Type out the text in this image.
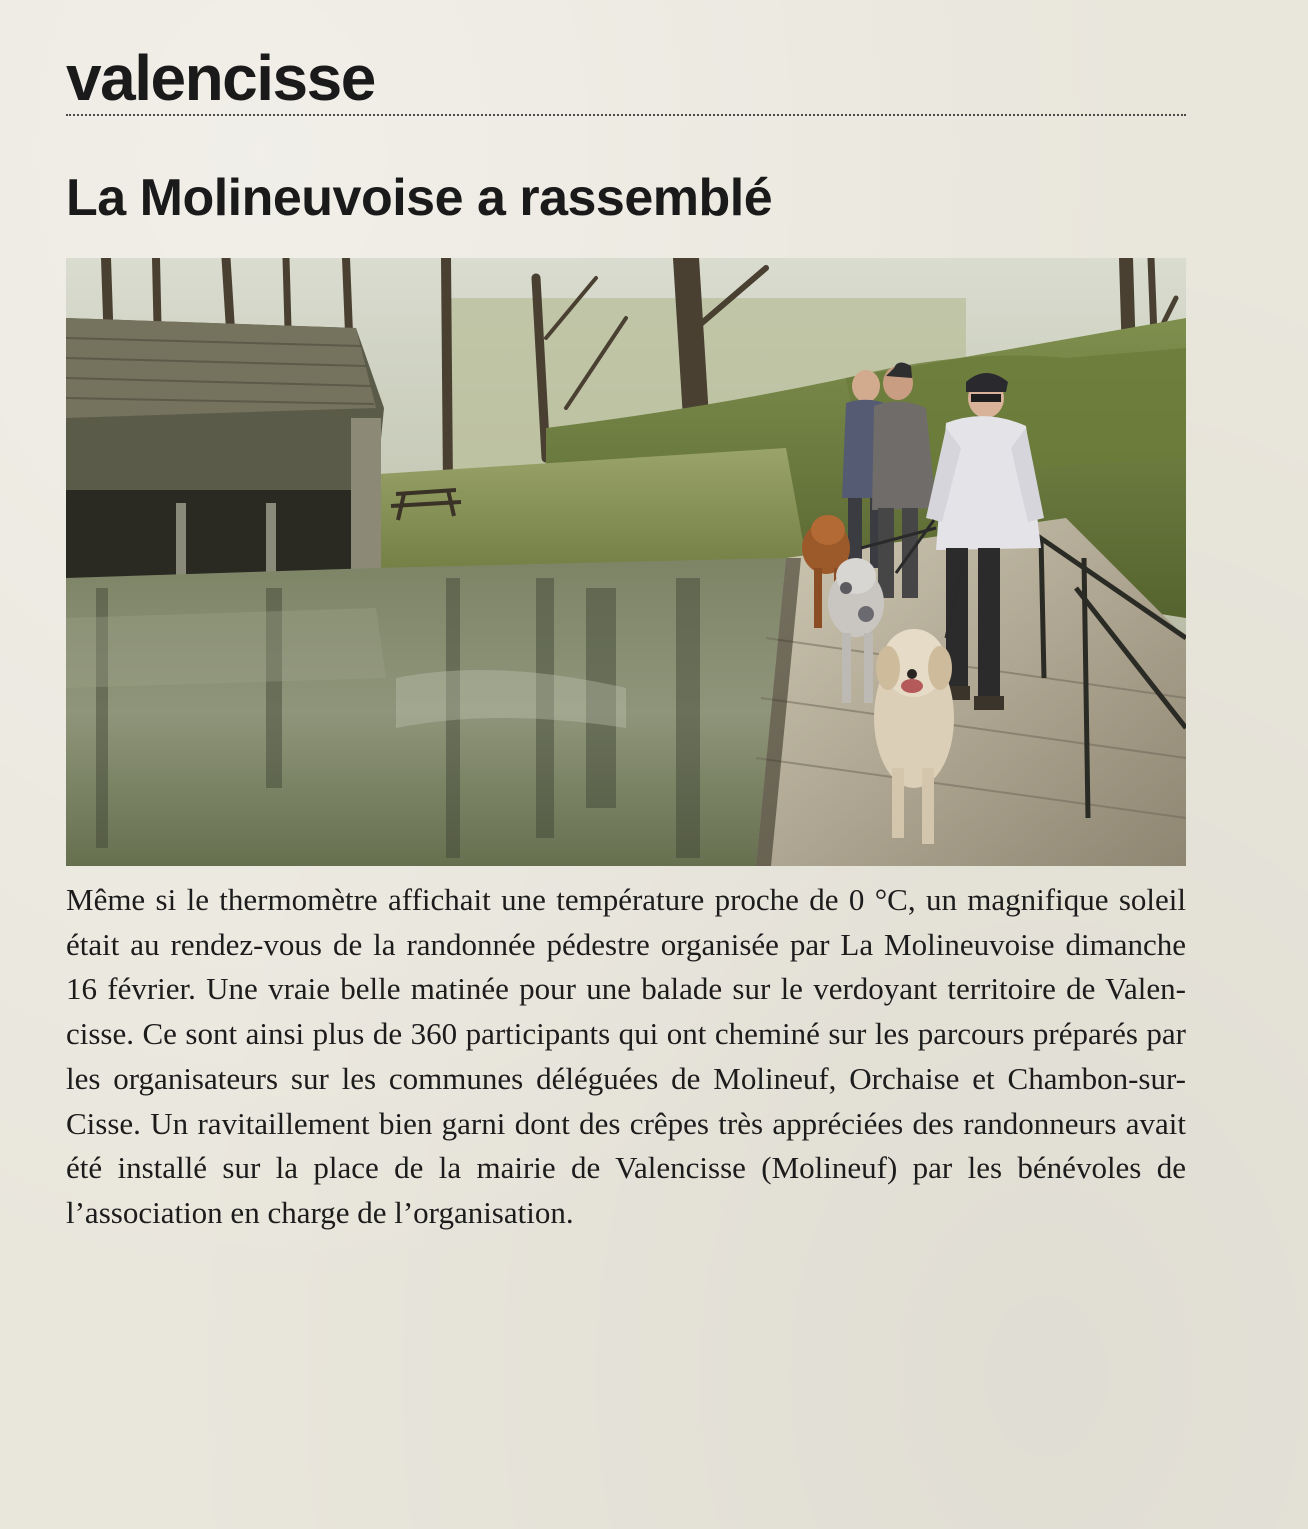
valencisse
La Molineuvoise a rassemblé

Même si le thermomètre affichait une température proche de 0 °C, un magnifique soleil était au rendez-vous de la randonnée pédestre organisée par La Molineuvoise dimanche 16 février. Une vraie belle matinée pour une balade sur le verdoyant territoire de Valencisse. Ce sont ainsi plus de 360 participants qui ont cheminé sur les parcours préparés par les organisateurs sur les communes déléguées de Molineuf, Orchaise et Chambon-sur-Cisse. Un ravitaillement bien garni dont des crêpes très appréciées des randonneurs avait été installé sur la place de la mairie de Valencisse (Molineuf) par les bénévoles de l’association en charge de l’organisation.
